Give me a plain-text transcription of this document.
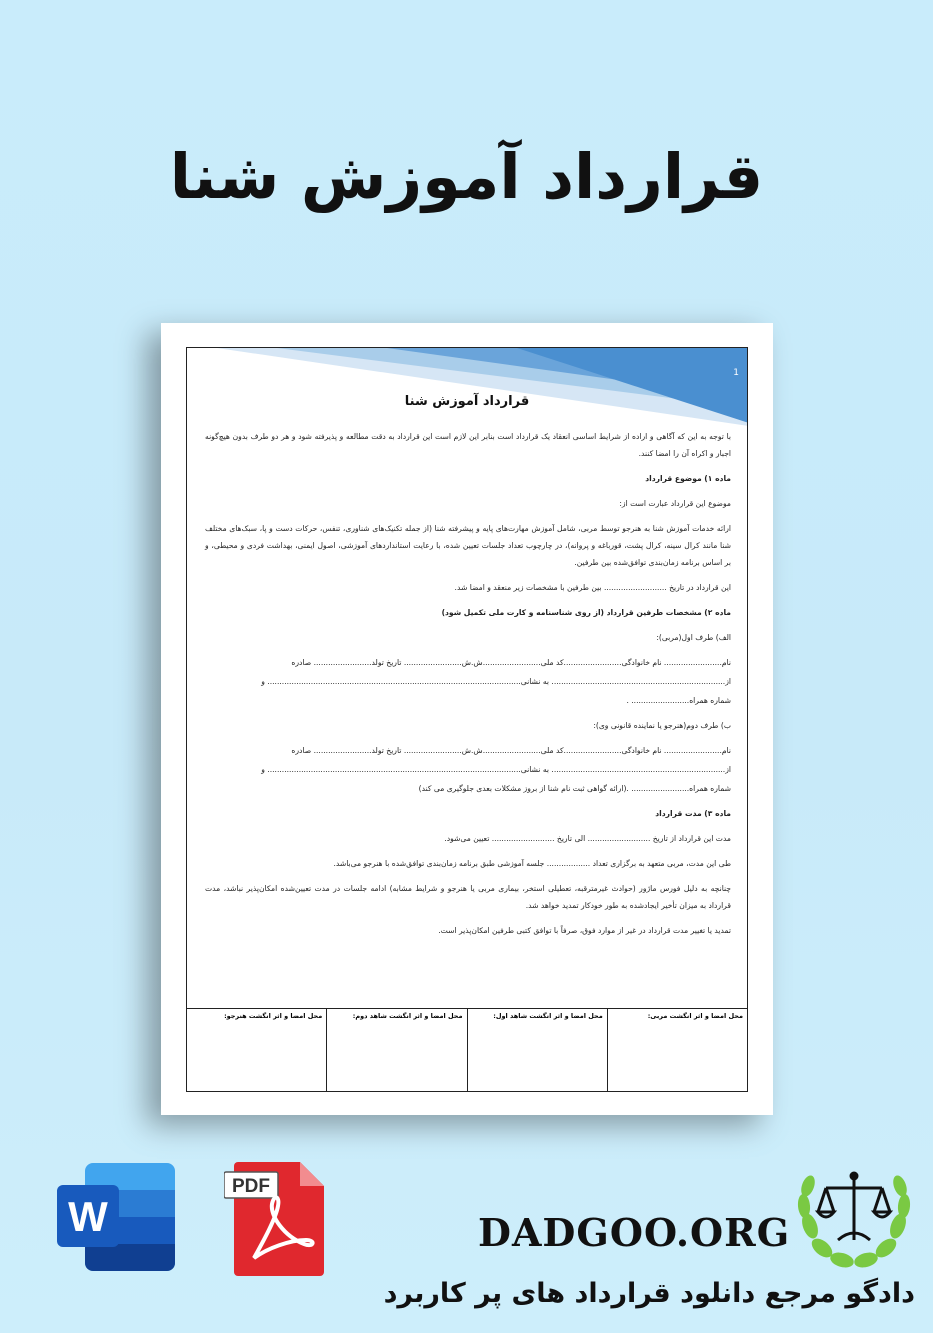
قرارداد آموزش شنا
1
قرارداد آموزش شنا

با توجه به این که آگاهی و اراده از شرایط اساسی انعقاد یک قرارداد است بنابر این لازم است این قرارداد به دقت مطالعه و پذیرفته شود و هر دو طرف بدون هیچ‌گونه اجبار و اکراه آن را امضا کنند.

ماده ۱) موضوع قرارداد

موضوع این قرارداد عبارت است از:

ارائه خدمات آموزش شنا به هنرجو توسط مربی، شامل آموزش مهارت‌های پایه و پیشرفته شنا (از جمله تکنیک‌های شناوری، تنفس، حرکات دست و پا، سبک‌های مختلف شنا مانند کرال سینه، کرال پشت، قورباغه و پروانه)، در چارچوب تعداد جلسات تعیین شده، با رعایت استانداردهای آموزشی، اصول ایمنی، بهداشت فردی و محیطی، و بر اساس برنامه زمان‌بندی توافق‌شده بین طرفین.

این قرارداد در تاریخ .......................... بین طرفین با مشخصات زیر منعقد و امضا شد.

ماده ۲) مشخصات طرفین قرارداد (از روی شناسنامه و کارت ملی تکمیل شود)

الف) طرف اول(مربی):

نام........................ نام خانوادگی........................کد ملی........................ش.ش........................ تاریخ تولد........................ صادره

از........................................................................ به نشانی......................................................................................................... و

شماره همراه........................ .

ب) طرف دوم(هنرجو یا نماینده قانونی وی):

نام........................ نام خانوادگی........................کد ملی........................ش.ش........................ تاریخ تولد........................ صادره

از........................................................................ به نشانی......................................................................................................... و

شماره همراه........................ .(ارائه گواهی ثبت نام شنا از بروز مشکلات بعدی جلوگیری می کند)

ماده ۳) مدت قرارداد

مدت این قرارداد از تاریخ .......................... الی تاریخ .......................... تعیین می‌شود.

طی این مدت، مربی متعهد به برگزاری تعداد .................. جلسه آموزشی طبق برنامه زمان‌بندی توافق‌شده با هنرجو می‌باشد.

چنانچه به دلیل فورس ماژور (حوادث غیرمترقبه، تعطیلی استخر، بیماری مربی یا هنرجو و شرایط مشابه) ادامه جلسات در مدت تعیین‌شده امکان‌پذیر نباشد، مدت قرارداد به میزان تأخیر ایجادشده به طور خودکار تمدید خواهد شد.

تمدید یا تغییر مدت قرارداد در غیر از موارد فوق، صرفاً با توافق کتبی طرفین امکان‌پذیر است.

محل امضا و اثر انگشت مربی:
محل امضا و اثر انگشت شاهد اول:
محل امضا و اثر انگشت شاهد دوم:
محل امضا و اثر انگشت هنرجو:
W
PDF
DADGOO.ORG
دادگو مرجع دانلود قرارداد های پر کاربرد
